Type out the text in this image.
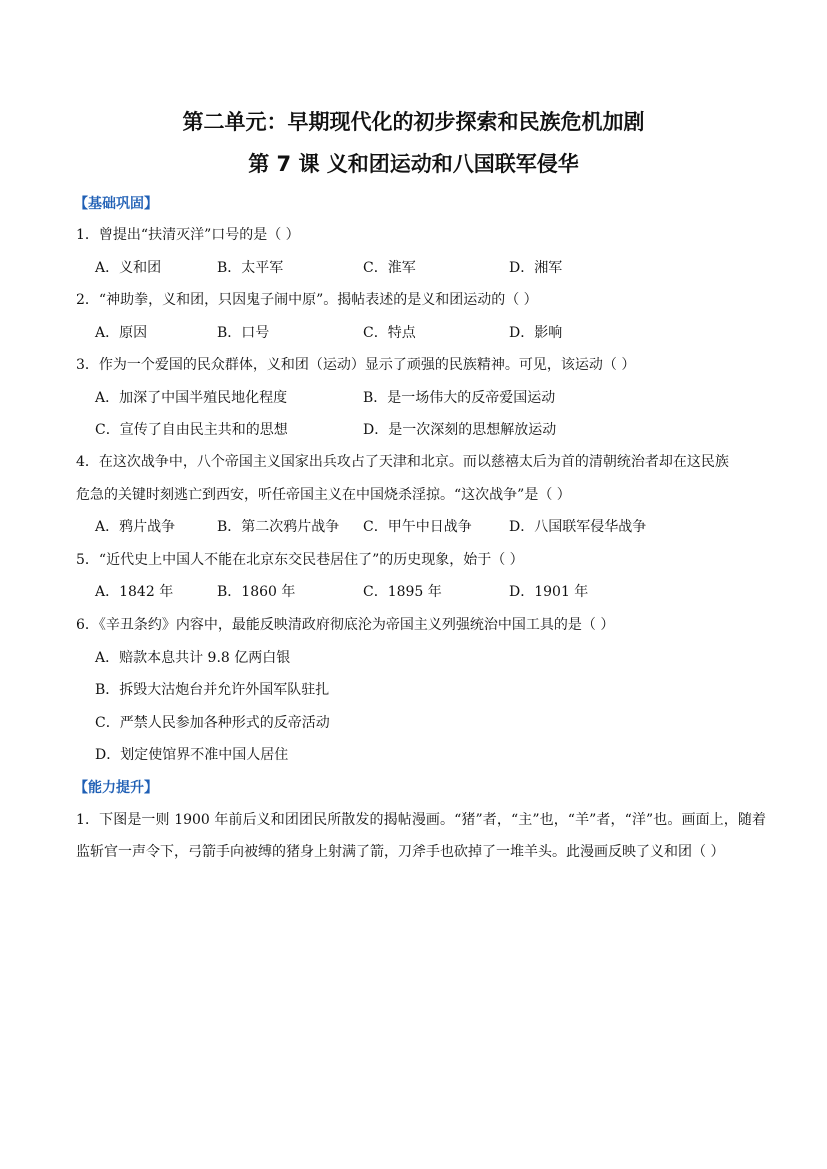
第二单元：早期现代化的初步探索和民族危机加剧
第 7 课 义和团运动和八国联军侵华
【基础巩固】
1．曾提出“扶清灭洋”口号的是（ ）
A．义和团	B．太平军	C．淮军	D．湘军
2．“神助拳，义和团，只因鬼子闹中原”。揭帖表述的是义和团运动的（ ）
A．原因	B．口号	C．特点	D．影响
3．作为一个爱国的民众群体，义和团（运动）显示了顽强的民族精神。可见，该运动（ ）
A．加深了中国半殖民地化程度	B．是一场伟大的反帝爱国运动
C．宣传了自由民主共和的思想	D．是一次深刻的思想解放运动
4．在这次战争中，八个帝国主义国家出兵攻占了天津和北京。而以慈禧太后为首的清朝统治者却在这民族
危急的关键时刻逃亡到西安，听任帝国主义在中国烧杀淫掠。“这次战争”是（ ）
A．鸦片战争	B．第二次鸦片战争 C．甲午中日战争	D．八国联军侵华战争
5．“近代史上中国人不能在北京东交民巷居住了”的历史现象，始于（ ）
A．1842 年	B．1860 年	C．1895 年	D．1901 年
6．《辛丑条约》内容中，最能反映清政府彻底沦为帝国主义列强统治中国工具的是（ ）
A．赔款本息共计 9.8 亿两白银
B．拆毁大沽炮台并允许外国军队驻扎
C．严禁人民参加各种形式的反帝活动
D．划定使馆界不准中国人居住
【能力提升】
1．下图是一则 1900 年前后义和团团民所散发的揭帖漫画。“猪”者，“主”也，“羊”者，“洋”也。画面上，随着监斩官一声令下，弓箭手向被缚的猪身上射满了箭，刀斧手也砍掉了一堆羊头。此漫画反映了义和团（ ）
